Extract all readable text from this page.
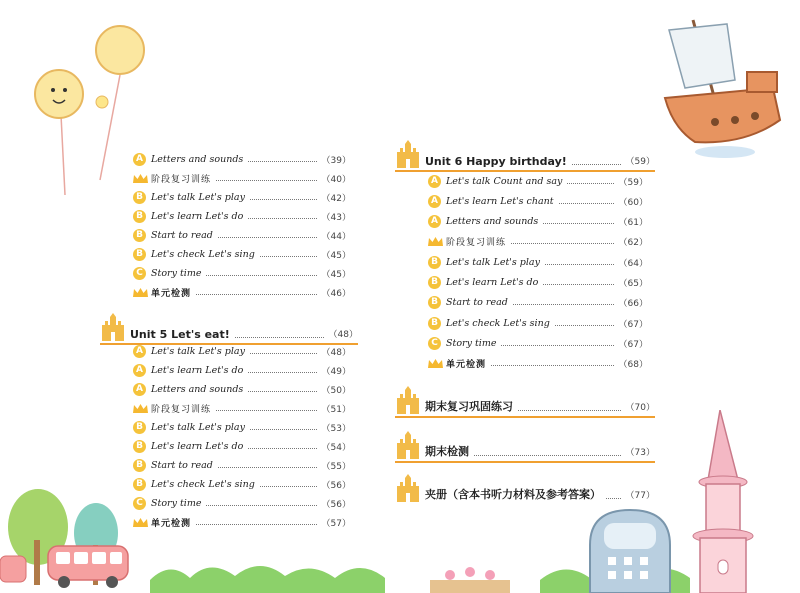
A Letters and sounds	（39）
阶段复习训练	（40）
B Let's talk Let's play	（42）
B Let's learn Let's do	（43）
B Start to read	（44）
B Let's check Let's sing	（45）
C Story time	（45）
单元检测	（46）
Unit 5 Let's eat!	（48）
A Let's talk Let's play	（48）
A Let's learn Let's do	（49）
A Letters and sounds	（50）
阶段复习训练	（51）
B Let's talk Let's play	（53）
B Let's learn Let's do	（54）
B Start to read	（55）
B Let's check Let's sing	（56）
C Story time	（56）
单元检测	（57）
Unit 6 Happy birthday!	（59）
A Let's talk Count and say	（59）
A Let's learn Let's chant	（60）
A Letters and sounds	（61）
阶段复习训练	（62）
B Let's talk Let's play	（64）
B Let's learn Let's do	（65）
B Start to read	（66）
B Let's check Let's sing	（67）
C Story time	（67）
单元检测	（68）
期末复习巩固练习	（70）
期末检测	（73）
夹册（含本书听力材料及参考答案）	（77）
